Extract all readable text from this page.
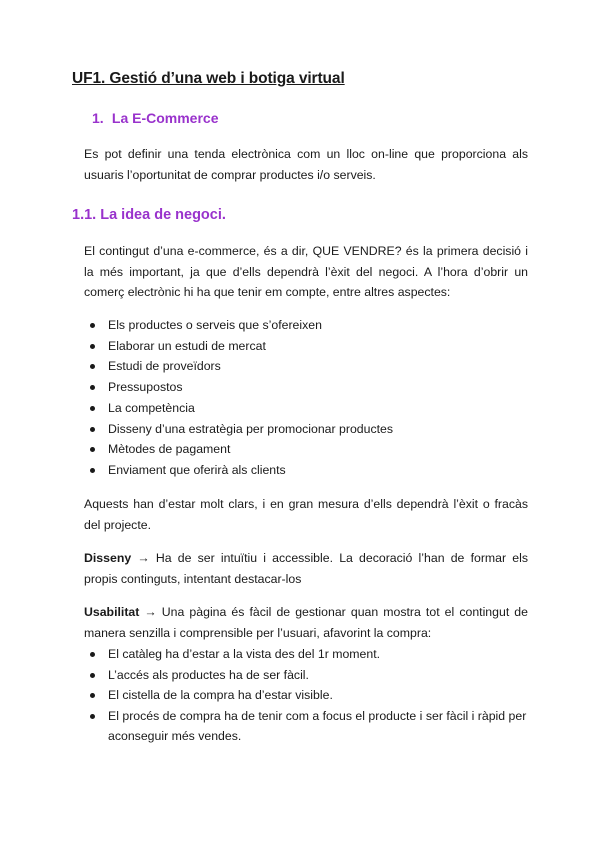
UF1. Gestió d’una web i botiga virtual
1. La E-Commerce
Es pot definir una tenda electrònica com un lloc on-line que proporciona als usuaris l’oportunitat de comprar productes i/o serveis.
1.1. La idea de negoci.
El contingut d’una e-commerce, és a dir, QUE VENDRE? és la primera decisió i la més important, ja que d’ells dependrà l’èxit del negoci. A l’hora d’obrir un comerç electrònic hi ha que tenir em compte, entre altres aspectes:
Els productes o serveis que s’ofereixen
Elaborar un estudi de mercat
Estudi de proveïdors
Pressupostos
La competència
Disseny d’una estratègia per promocionar productes
Mètodes de pagament
Enviament que oferirà als clients
Aquests han d’estar molt clars, i en gran mesura d’ells dependrà l’èxit o fracàs del projecte.
Disseny → Ha de ser intuïtiu i accessible. La decoració l’han de formar els propis continguts, intentant destacar-los
Usabilitat → Una pàgina és fàcil de gestionar quan mostra tot el contingut de manera senzilla i comprensible per l’usuari, afavorint la compra:
El catàleg ha d’estar a la vista des del 1r moment.
L’accés als productes ha de ser fàcil.
El cistella de la compra ha d’estar visible.
El procés de compra ha de tenir com a focus el producte i ser fàcil i ràpid per aconseguir més vendes.
